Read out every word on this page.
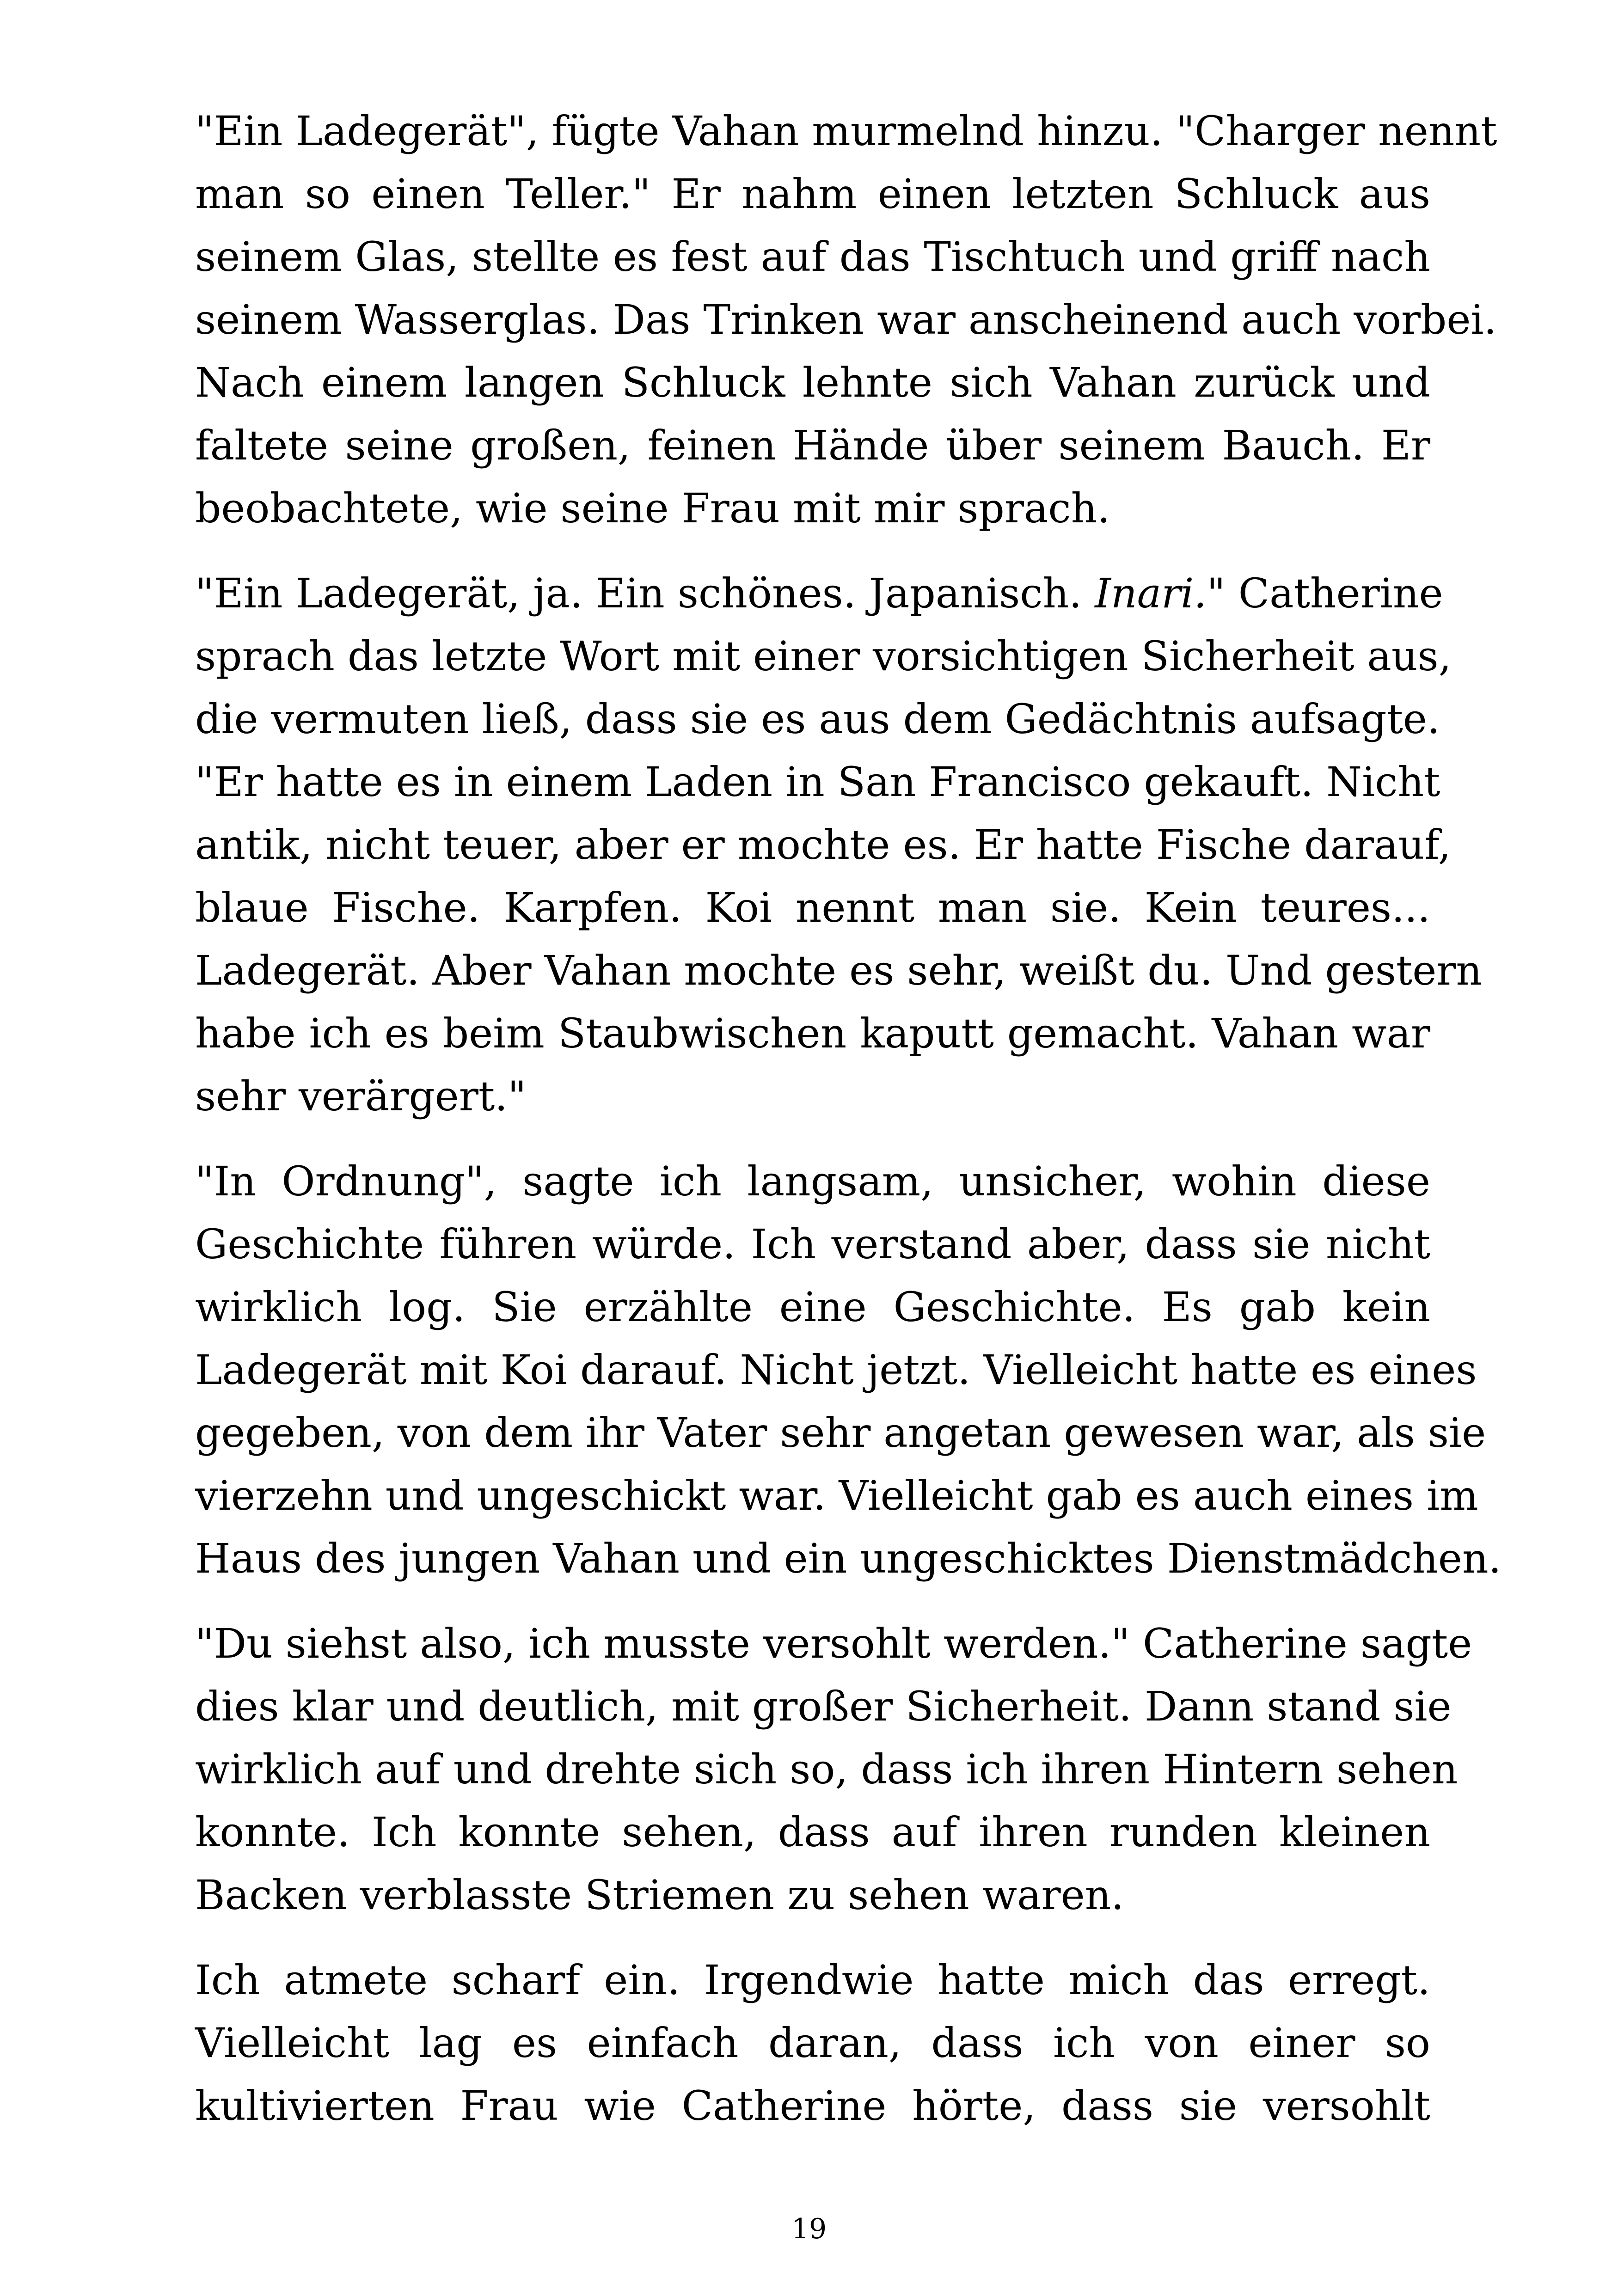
"Ein Ladegerät", fügte Vahan murmelnd hinzu. "Charger nennt
man so einen Teller." Er nahm einen letzten Schluck aus
seinem Glas, stellte es fest auf das Tischtuch und griff nach
seinem Wasserglas. Das Trinken war anscheinend auch vorbei.
Nach einem langen Schluck lehnte sich Vahan zurück und
faltete seine großen, feinen Hände über seinem Bauch. Er
beobachtete, wie seine Frau mit mir sprach.

"Ein Ladegerät, ja. Ein schönes. Japanisch. Inari." Catherine
sprach das letzte Wort mit einer vorsichtigen Sicherheit aus,
die vermuten ließ, dass sie es aus dem Gedächtnis aufsagte.
"Er hatte es in einem Laden in San Francisco gekauft. Nicht
antik, nicht teuer, aber er mochte es. Er hatte Fische darauf,
blaue Fische. Karpfen. Koi nennt man sie. Kein teures...
Ladegerät. Aber Vahan mochte es sehr, weißt du. Und gestern
habe ich es beim Staubwischen kaputt gemacht. Vahan war
sehr verärgert."

"In Ordnung", sagte ich langsam, unsicher, wohin diese
Geschichte führen würde. Ich verstand aber, dass sie nicht
wirklich log. Sie erzählte eine Geschichte. Es gab kein
Ladegerät mit Koi darauf. Nicht jetzt. Vielleicht hatte es eines
gegeben, von dem ihr Vater sehr angetan gewesen war, als sie
vierzehn und ungeschickt war. Vielleicht gab es auch eines im
Haus des jungen Vahan und ein ungeschicktes Dienstmädchen.

"Du siehst also, ich musste versohlt werden." Catherine sagte
dies klar und deutlich, mit großer Sicherheit. Dann stand sie
wirklich auf und drehte sich so, dass ich ihren Hintern sehen
konnte. Ich konnte sehen, dass auf ihren runden kleinen
Backen verblasste Striemen zu sehen waren.

Ich atmete scharf ein. Irgendwie hatte mich das erregt.
Vielleicht lag es einfach daran, dass ich von einer so
kultivierten Frau wie Catherine hörte, dass sie versohlt

19
